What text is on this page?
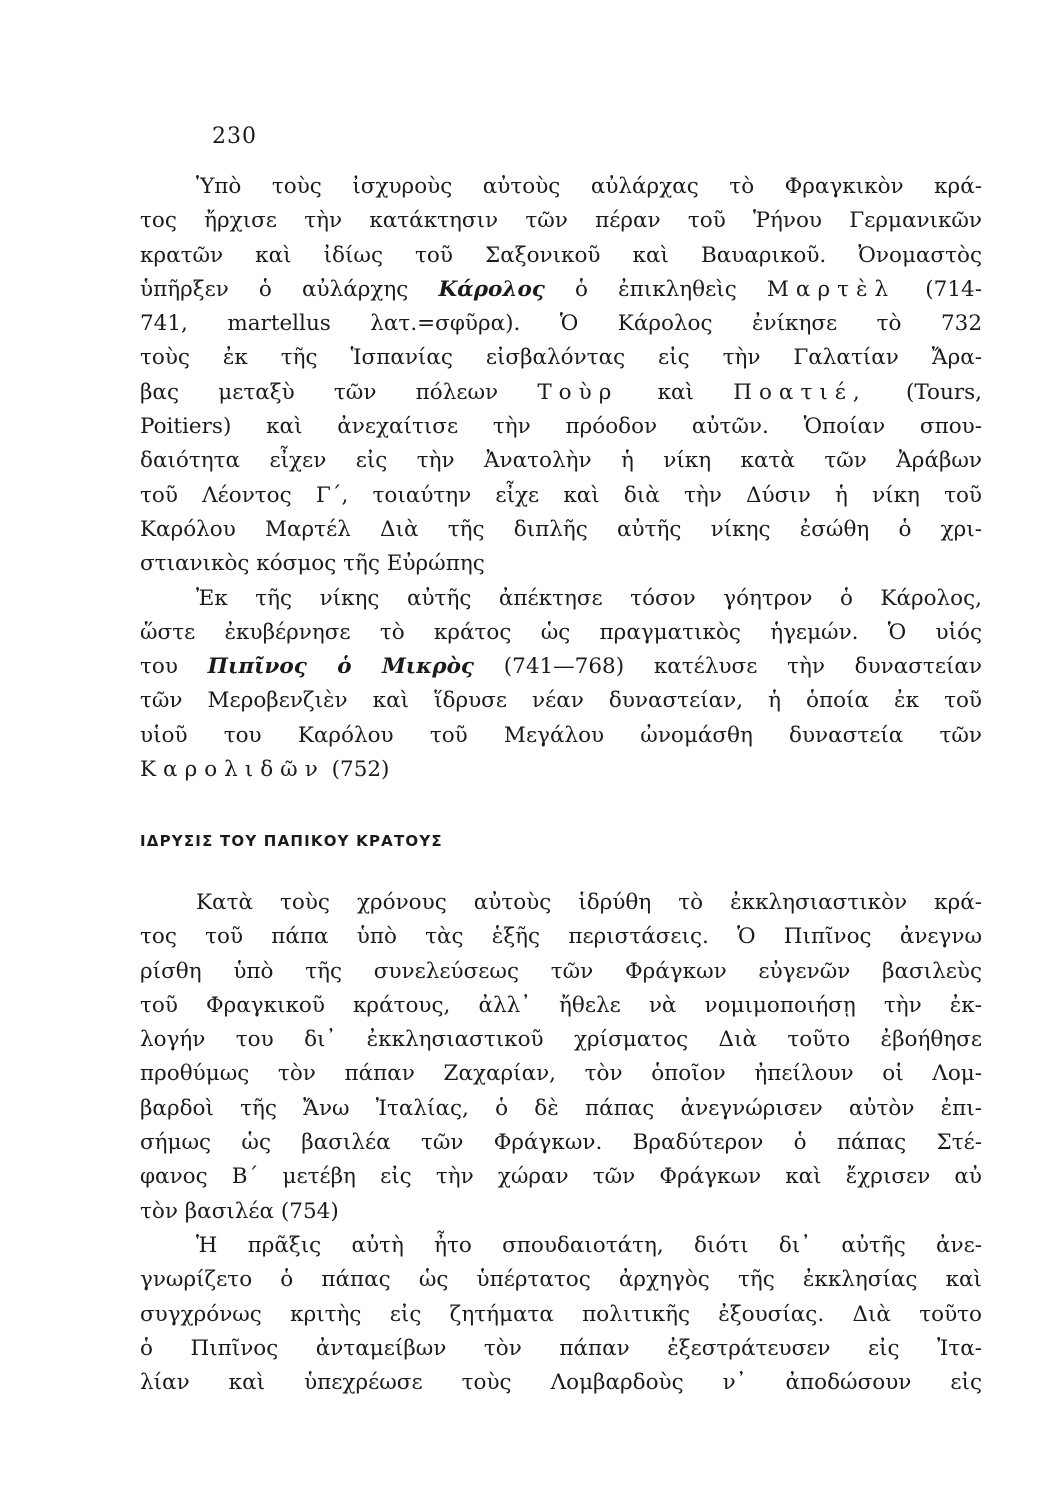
230
Ὑπὸ τοὺς ἰσχυροὺς αὐτοὺς αὐλάρχας τὸ Φραγκικὸν κρά-
τος ἤρχισε τὴν κατάκτησιν τῶν πέραν τοῦ Ῥήνου Γερμανικῶν
κρατῶν καὶ ἰδίως τοῦ Σαξονικοῦ καὶ Βαυαρικοῦ. Ὀνομαστὸς
ὑπῆρξεν ὁ αὐλάρχης Κάρολος ὁ ἐπικληθεὶς Μαρτὲλ (714-
741, martellus λατ.=σφῦρα). Ὁ Κάρολος ἐνίκησε τὸ 732
τοὺς ἐκ τῆς Ἱσπανίας εἰσβαλόντας εἰς τὴν Γαλατίαν Ἄρα-
βας μεταξὺ τῶν πόλεων Τοὺρ καὶ Ποατιέ, (Tours,
Poitiers) καὶ ἀνεχαίτισε τὴν πρόοδον αὐτῶν. Ὁποίαν σπου-
δαιότητα εἶχεν εἰς τὴν Ἀνατολὴν ἡ νίκη κατὰ τῶν Ἀράβων
τοῦ Λέοντος Γ΄, τοιαύτην εἶχε καὶ διὰ τὴν Δύσιν ἡ νίκη τοῦ
Καρόλου Μαρτέλ Διὰ τῆς διπλῆς αὐτῆς νίκης ἐσώθη ὁ χρι-
στιανικὸς κόσμος τῆς Εὐρώπης
Ἐκ τῆς νίκης αὐτῆς ἀπέκτησε τόσον γόητρον ὁ Κάρολος,
ὥστε ἐκυβέρνησε τὸ κράτος ὡς πραγματικὸς ἡγεμών. Ὁ υἱός
του Πιπῖνος ὁ Μικρὸς (741—768) κατέλυσε τὴν δυναστείαν
τῶν Μεροβενζιὲν καὶ ἵδρυσε νέαν δυναστείαν, ἡ ὁποία ἐκ τοῦ
υἱοῦ του Καρόλου τοῦ Μεγάλου ὠνομάσθη δυναστεία τῶν
Καρολιδῶν (752)
ΙΔΡΥΣΙΣ ΤΟΥ ΠΑΠΙΚΟΥ ΚΡΑΤΟΥΣ
Κατὰ τοὺς χρόνους αὐτοὺς ἱδρύθη τὸ ἐκκλησιαστικὸν κρά-
τος τοῦ πάπα ὑπὸ τὰς ἑξῆς περιστάσεις. Ὁ Πιπῖνος ἀνεγνω
ρίσθη ὑπὸ τῆς συνελεύσεως τῶν Φράγκων εὐγενῶν βασιλεὺς
τοῦ Φραγκικοῦ κράτους, ἀλλ᾿ ἤθελε νὰ νομιμοποιήσῃ τὴν ἐκ-
λογήν του δι᾿ ἐκκλησιαστικοῦ χρίσματος Διὰ τοῦτο ἐβοήθησε
προθύμως τὸν πάπαν Ζαχαρίαν, τὸν ὁποῖον ἠπείλουν οἱ Λομ-
βαρδοὶ τῆς Ἄνω Ἰταλίας, ὁ δὲ πάπας ἀνεγνώρισεν αὐτὸν ἐπι-
σήμως ὡς βασιλέα τῶν Φράγκων. Βραδύτερον ὁ πάπας Στέ-
φανος Β΄ μετέβη εἰς τὴν χώραν τῶν Φράγκων καὶ ἔχρισεν αὐ
τὸν βασιλέα (754)
Ἡ πρᾶξις αὐτὴ ἦτο σπουδαιοτάτη, διότι δι᾿ αὐτῆς ἀνε-
γνωρίζετο ὁ πάπας ὡς ὑπέρτατος ἀρχηγὸς τῆς ἐκκλησίας καὶ
συγχρόνως κριτὴς εἰς ζητήματα πολιτικῆς ἐξουσίας. Διὰ τοῦτο
ὁ Πιπῖνος ἀνταμείβων τὸν πάπαν ἐξεστράτευσεν εἰς Ἰτα-
λίαν καὶ ὑπεχρέωσε τοὺς Λομβαρδοὺς ν᾿ ἀποδώσουν εἰς
